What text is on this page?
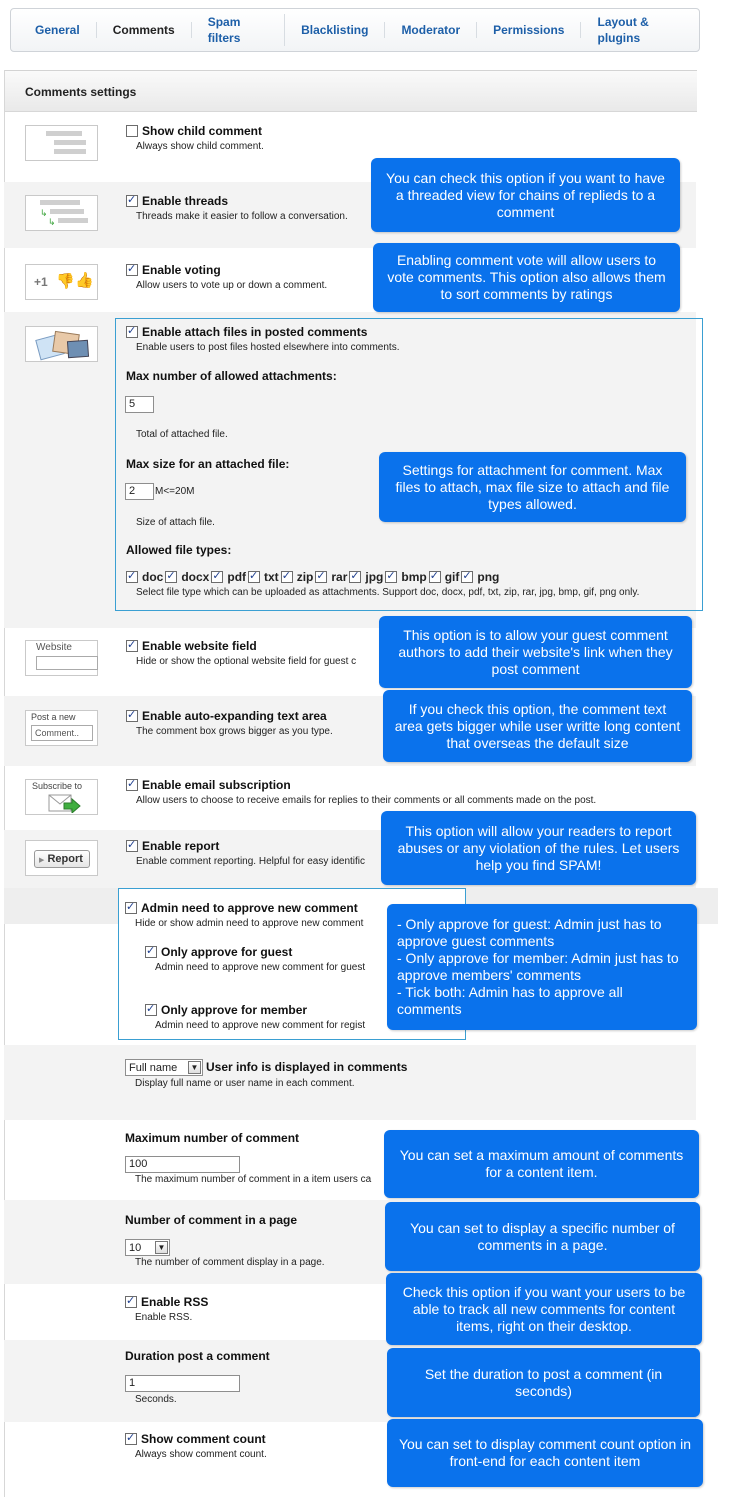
General	Comments
Spam filters
Blacklisting	Moderator	Permissions
Layout & plugins
Comments settings
Show child comment
Always show child comment.
↳
↳
✓
Enable threads
Threads make it easier to follow a conversation.
+1 👎 👍
✓
Enable voting
Allow users to vote up or down a comment.
✓
Enable attach files in posted comments
Enable users to post files hosted elsewhere into comments.
Max number of allowed attachments:
5
Total of attached file.
Max size for an attached file:
2	M<=20M
Size of attach file.
Allowed file types:
✓
doc ✓ docx ✓ pdf ✓ txt ✓ zip ✓ rar ✓ jpg ✓ bmp ✓ gif ✓ png
Select file type which can be uploaded as attachments. Support doc, docx, pdf, txt, zip, rar, jpg, bmp, gif, png only.
Website ✓	Enable website field
Hide or show the optional website field for guest c
Post a new
Comment..
✓
Enable auto-expanding text area
The comment box grows bigger as you type.
Subscribe to ✓	Enable email subscription
Allow users to choose to receive emails for replies to their comments or all comments made on the post.
▶ Report
✓
Enable report
Enable comment reporting. Helpful for easy identific
✓
Admin need to approve new comment
Hide or show admin need to approve new comment
✓
Only approve for guest
Admin need to approve new comment for guest
✓
Only approve for member
Admin need to approve new comment for regist
Full name	▼ User info is displayed in comments
Display full name or user name in each comment.
Maximum number of comment
100
The maximum number of comment in a item users ca
Number of comment in a page
10	▼
The number of comment display in a page.
✓
Enable RSS
Enable RSS.
Duration post a comment
1
Seconds.
✓
Show comment count
Always show comment count.
You can check this option if you want to have a threaded view for chains of replieds to a comment
Enabling comment vote will allow users to vote comments. This option also allows them to sort comments by ratings
Settings for attachment for comment. Max files to attach, max file size to attach and file types allowed.
This option is to allow your guest comment authors to add their website's link when they post comment
If you check this option, the comment text area gets bigger while user writte long content that overseas the default size
This option will allow your readers to report abuses or any violation of the rules. Let users help you find SPAM!
- Only approve for guest: Admin just has to approve guest comments
- Only approve for member: Admin just has to approve members' comments
- Tick both: Admin has to approve all comments
You can set a maximum amount of comments for a content item.
You can set to display a specific number of comments in a page.
Check this option if you want your users to be able to track all new comments for content items, right on their desktop.
Set the duration to post a comment (in seconds)
You can set to display comment count option in front-end for each content item
